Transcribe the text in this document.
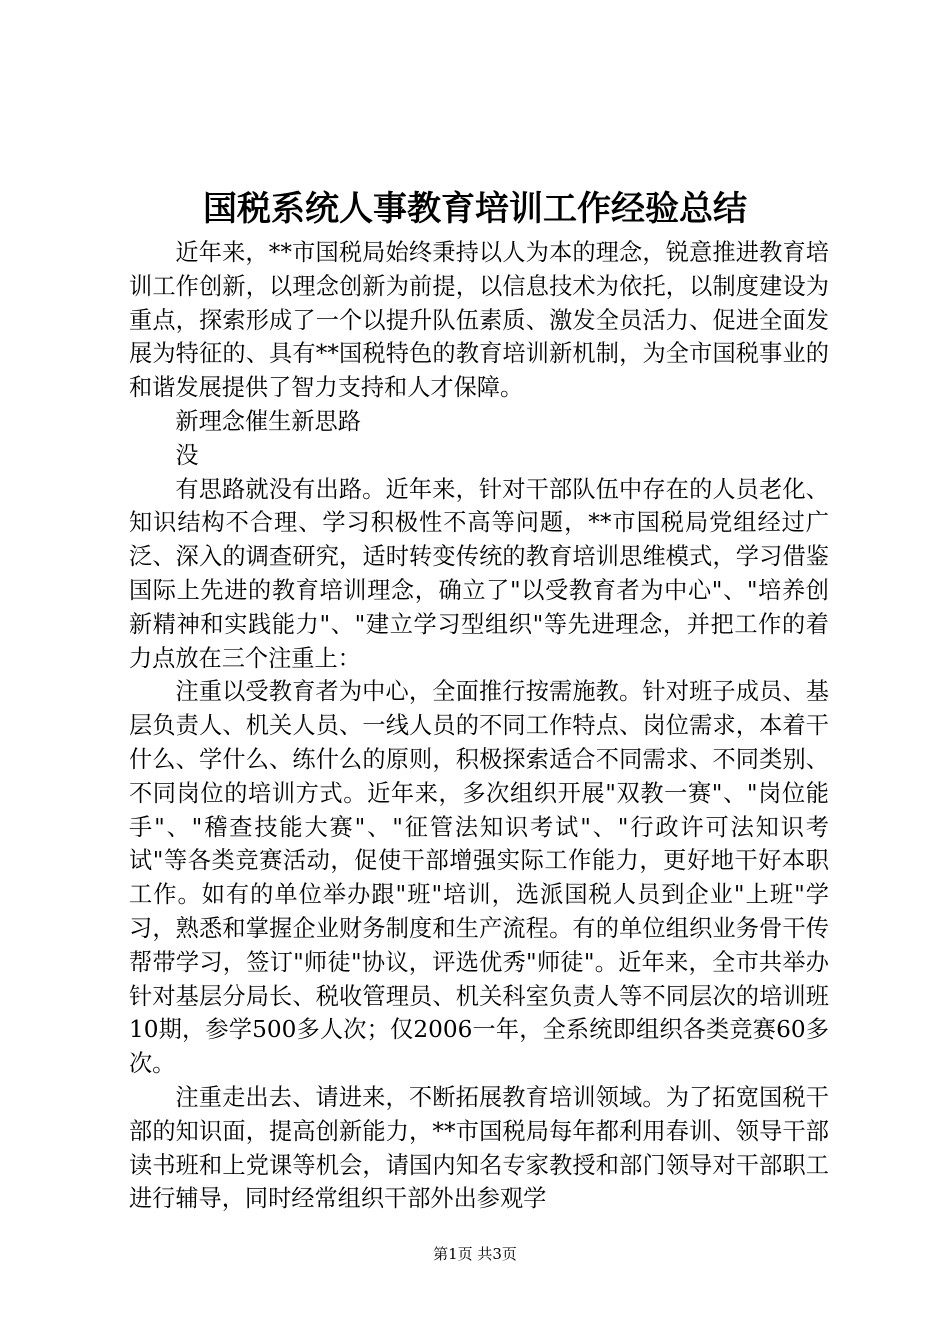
国税系统人事教育培训工作经验总结

近年来，**市国税局始终秉持以人为本的理念，锐意推进教育培训工作创新，以理念创新为前提，以信息技术为依托，以制度建设为重点，探索形成了一个以提升队伍素质、激发全员活力、促进全面发展为特征的、具有**国税特色的教育培训新机制，为全市国税事业的和谐发展提供了智力支持和人才保障。

新理念催生新思路

没

有思路就没有出路。近年来，针对干部队伍中存在的人员老化、知识结构不合理、学习积极性不高等问题，**市国税局党组经过广泛、深入的调查研究，适时转变传统的教育培训思维模式，学习借鉴国际上先进的教育培训理念，确立了"以受教育者为中心"、"培养创新精神和实践能力"、"建立学习型组织"等先进理念，并把工作的着力点放在三个注重上：

注重以受教育者为中心，全面推行按需施教。针对班子成员、基层负责人、机关人员、一线人员的不同工作特点、岗位需求，本着干什么、学什么、练什么的原则，积极探索适合不同需求、不同类别、不同岗位的培训方式。近年来，多次组织开展"双教一赛"、"岗位能手"、"稽查技能大赛"、"征管法知识考试"、"行政许可法知识考试"等各类竞赛活动，促使干部增强实际工作能力，更好地干好本职工作。如有的单位举办跟"班"培训，选派国税人员到企业"上班"学习，熟悉和掌握企业财务制度和生产流程。有的单位组织业务骨干传帮带学习，签订"师徒"协议，评选优秀"师徒"。近年来，全市共举办针对基层分局长、税收管理员、机关科室负责人等不同层次的培训班10期，参学500多人次；仅2006一年，全系统即组织各类竞赛60多次。

注重走出去、请进来，不断拓展教育培训领域。为了拓宽国税干部的知识面，提高创新能力，**市国税局每年都利用春训、领导干部读书班和上党课等机会，请国内知名专家教授和部门领导对干部职工进行辅导，同时经常组织干部外出参观学

第1页 共3页
